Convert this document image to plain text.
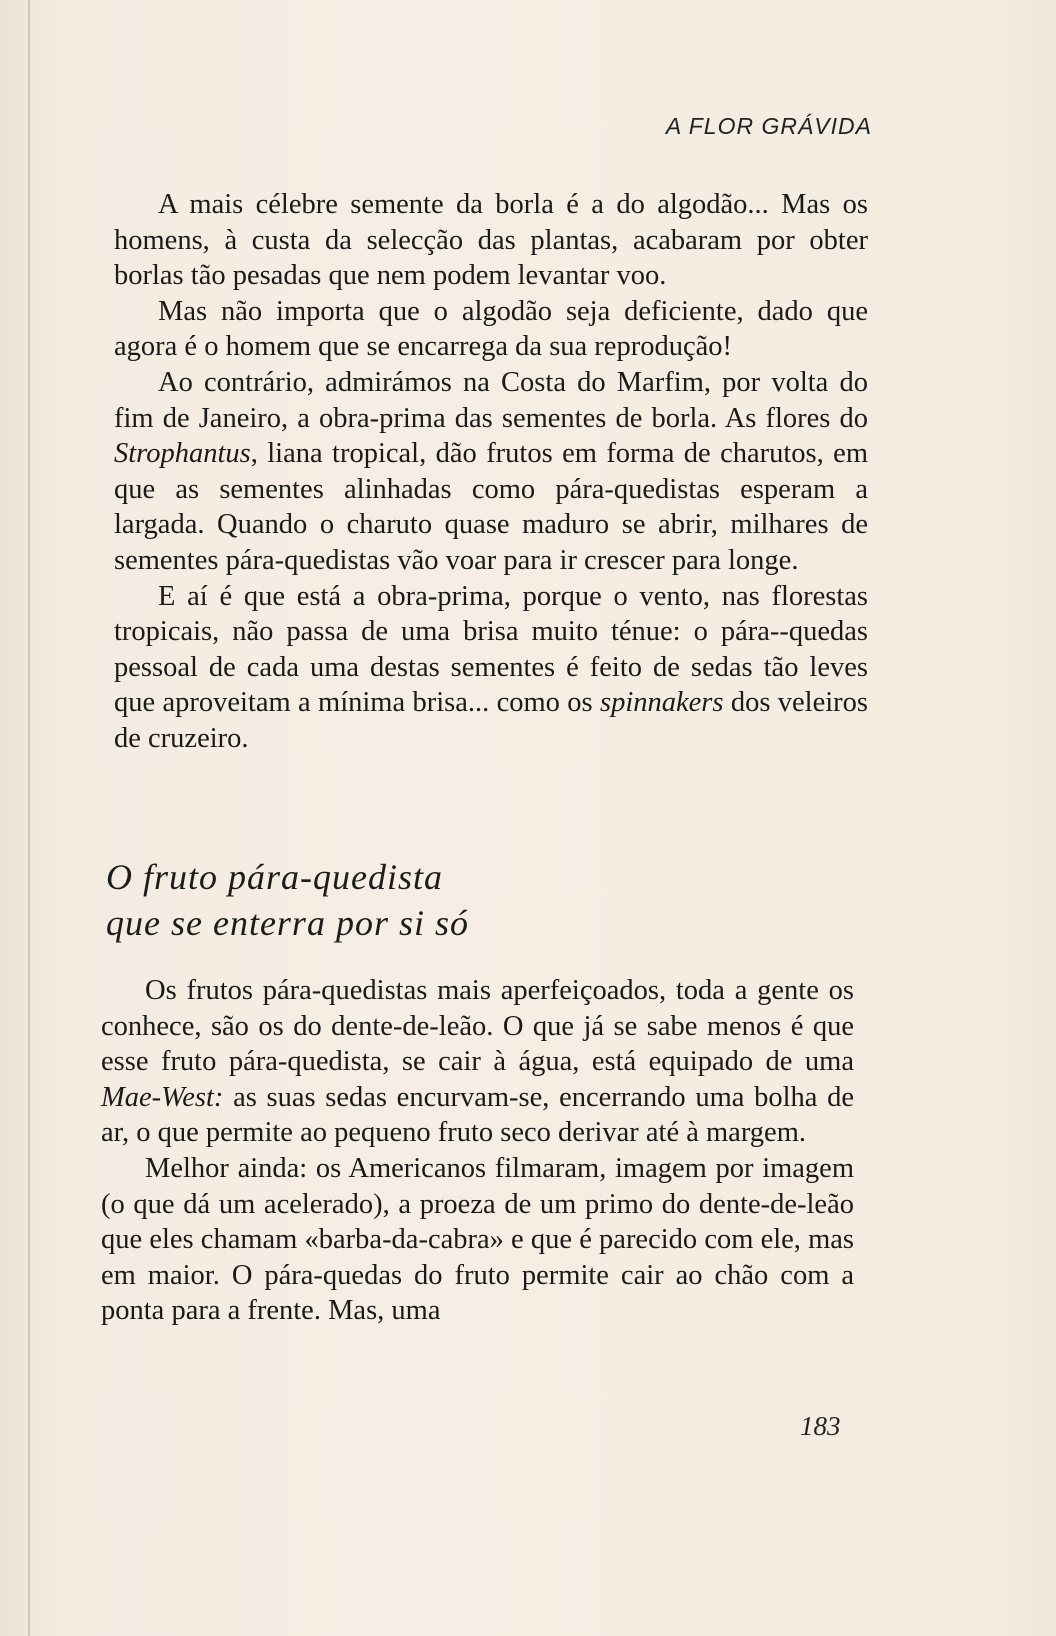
A FLOR GRÁVIDA

A mais célebre semente da borla é a do algodão... Mas os homens, à custa da selecção das plantas, acabaram por obter borlas tão pesadas que nem podem levantar voo.

Mas não importa que o algodão seja deficiente, dado que agora é o homem que se encarrega da sua reprodução!

Ao contrário, admirámos na Costa do Marfim, por volta do fim de Janeiro, a obra-prima das sementes de borla. As flores do Strophantus, liana tropical, dão frutos em forma de charutos, em que as sementes alinhadas como pára-quedistas esperam a largada. Quando o charuto quase maduro se abrir, milhares de sementes pára-quedistas vão voar para ir crescer para longe.

E aí é que está a obra-prima, porque o vento, nas florestas tropicais, não passa de uma brisa muito ténue: o pára--quedas pessoal de cada uma destas sementes é feito de sedas tão leves que aproveitam a mínima brisa... como os spinnakers dos veleiros de cruzeiro.

O fruto pára-quedista
que se enterra por si só

Os frutos pára-quedistas mais aperfeiçoados, toda a gente os conhece, são os do dente-de-leão. O que já se sabe menos é que esse fruto pára-quedista, se cair à água, está equipado de uma Mae-West: as suas sedas encurvam-se, encerrando uma bolha de ar, o que permite ao pequeno fruto seco derivar até à margem.

Melhor ainda: os Americanos filmaram, imagem por imagem (o que dá um acelerado), a proeza de um primo do dente-de-leão que eles chamam «barba-da-cabra» e que é parecido com ele, mas em maior. O pára-quedas do fruto permite cair ao chão com a ponta para a frente. Mas, uma

183
